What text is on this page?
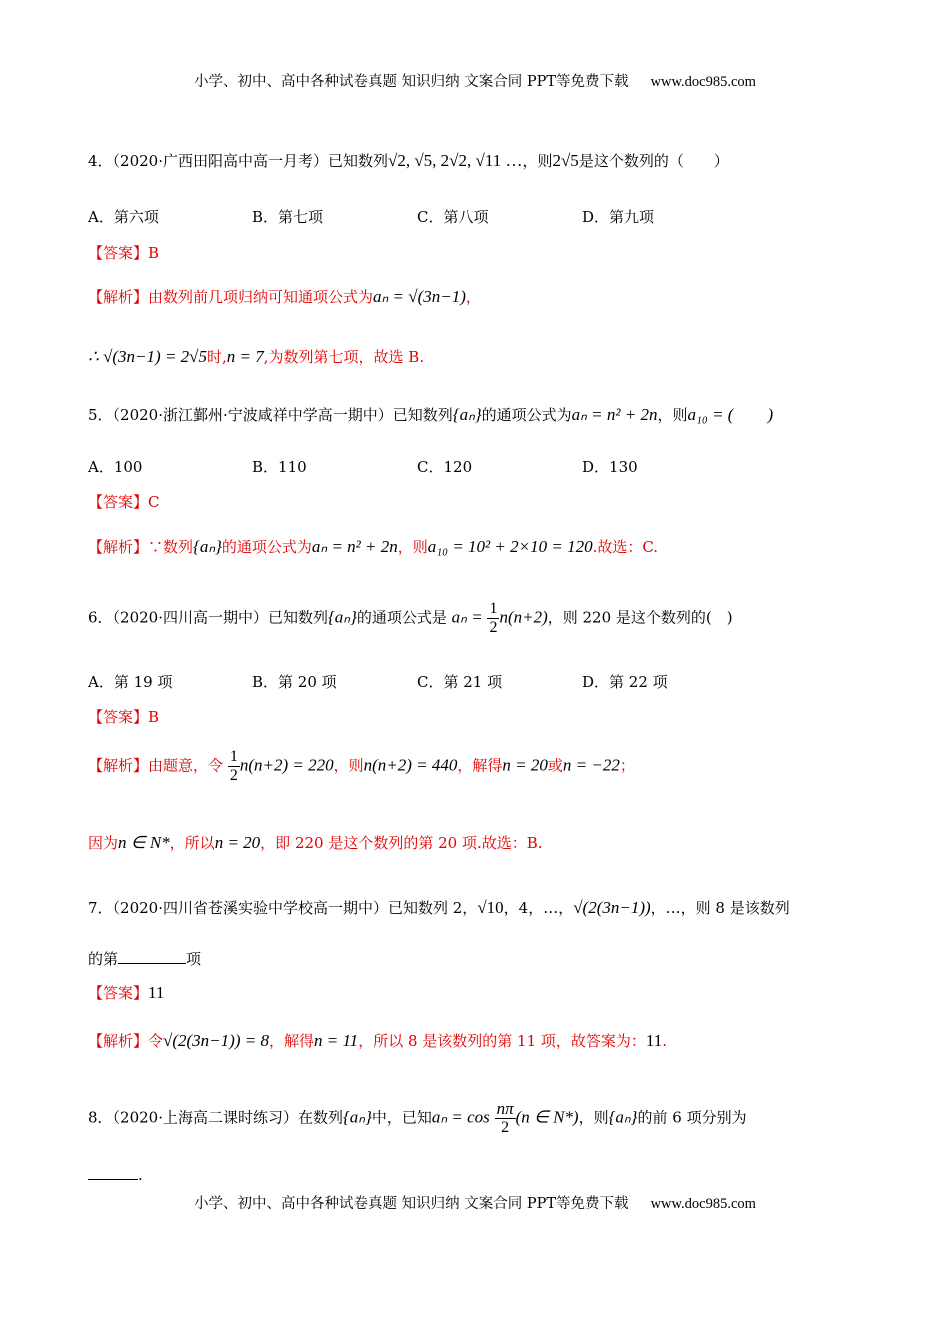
小学、初中、高中各种试卷真题 知识归纳 文案合同 PPT等免费下载 www.doc985.com
4．（2020·广西田阳高中高一月考）已知数列√2, √5, 2√2, √11 …，则2√5是这个数列的（　　）
A．第六项	B．第七项	C．第八项	D．第九项
【答案】B
【解析】由数列前几项归纳可知通项公式为aₙ = √(3n−1)，
∴ √(3n−1) = 2√5时,n = 7,为数列第七项，故选 B.
5．（2020·浙江鄞州·宁波咸祥中学高一期中）已知数列{aₙ}的通项公式为aₙ = n² + 2n，则a₁₀ = (　　)
A．100	B．110	C．120	D．130
【答案】C
【解析】∵数列{aₙ}的通项公式为aₙ = n² + 2n，则a₁₀ = 10² + 2×10 = 120.故选：C.
6．（2020·四川高一期中）已知数列{aₙ}的通项公式是 $a_n = \frac{1}{2} n(n+2)$，则 220 是这个数列的(　)
A．第 19 项	B．第 20 项	C．第 21 项	D．第 22 项
【答案】B
【解析】由题意，令 $\frac{1}{2} n(n+2) = 220$，则n(n+2) = 440，解得n = 20或n = −22；
因为n ∈ N*，所以n = 20，即 220 是这个数列的第 20 项.故选：B.
7．（2020·四川省苍溪实验中学校高一期中）已知数列 2，√10，4，…，√(2(3n−1))，…，则 8 是该数列
的第	项
【答案】11
【解析】令√(2(3n−1)) = 8，解得n = 11，所以 8 是该数列的第 11 项，故答案为：11.
8．（2020·上海高二课时练习）在数列{aₙ}中，已知$a_n = \cos \frac{n\pi}{2} (n$ ∈ N*)，则{aₙ}的前 6 项分别为
.
小学、初中、高中各种试卷真题 知识归纳 文案合同 PPT等免费下载 www.doc985.com
